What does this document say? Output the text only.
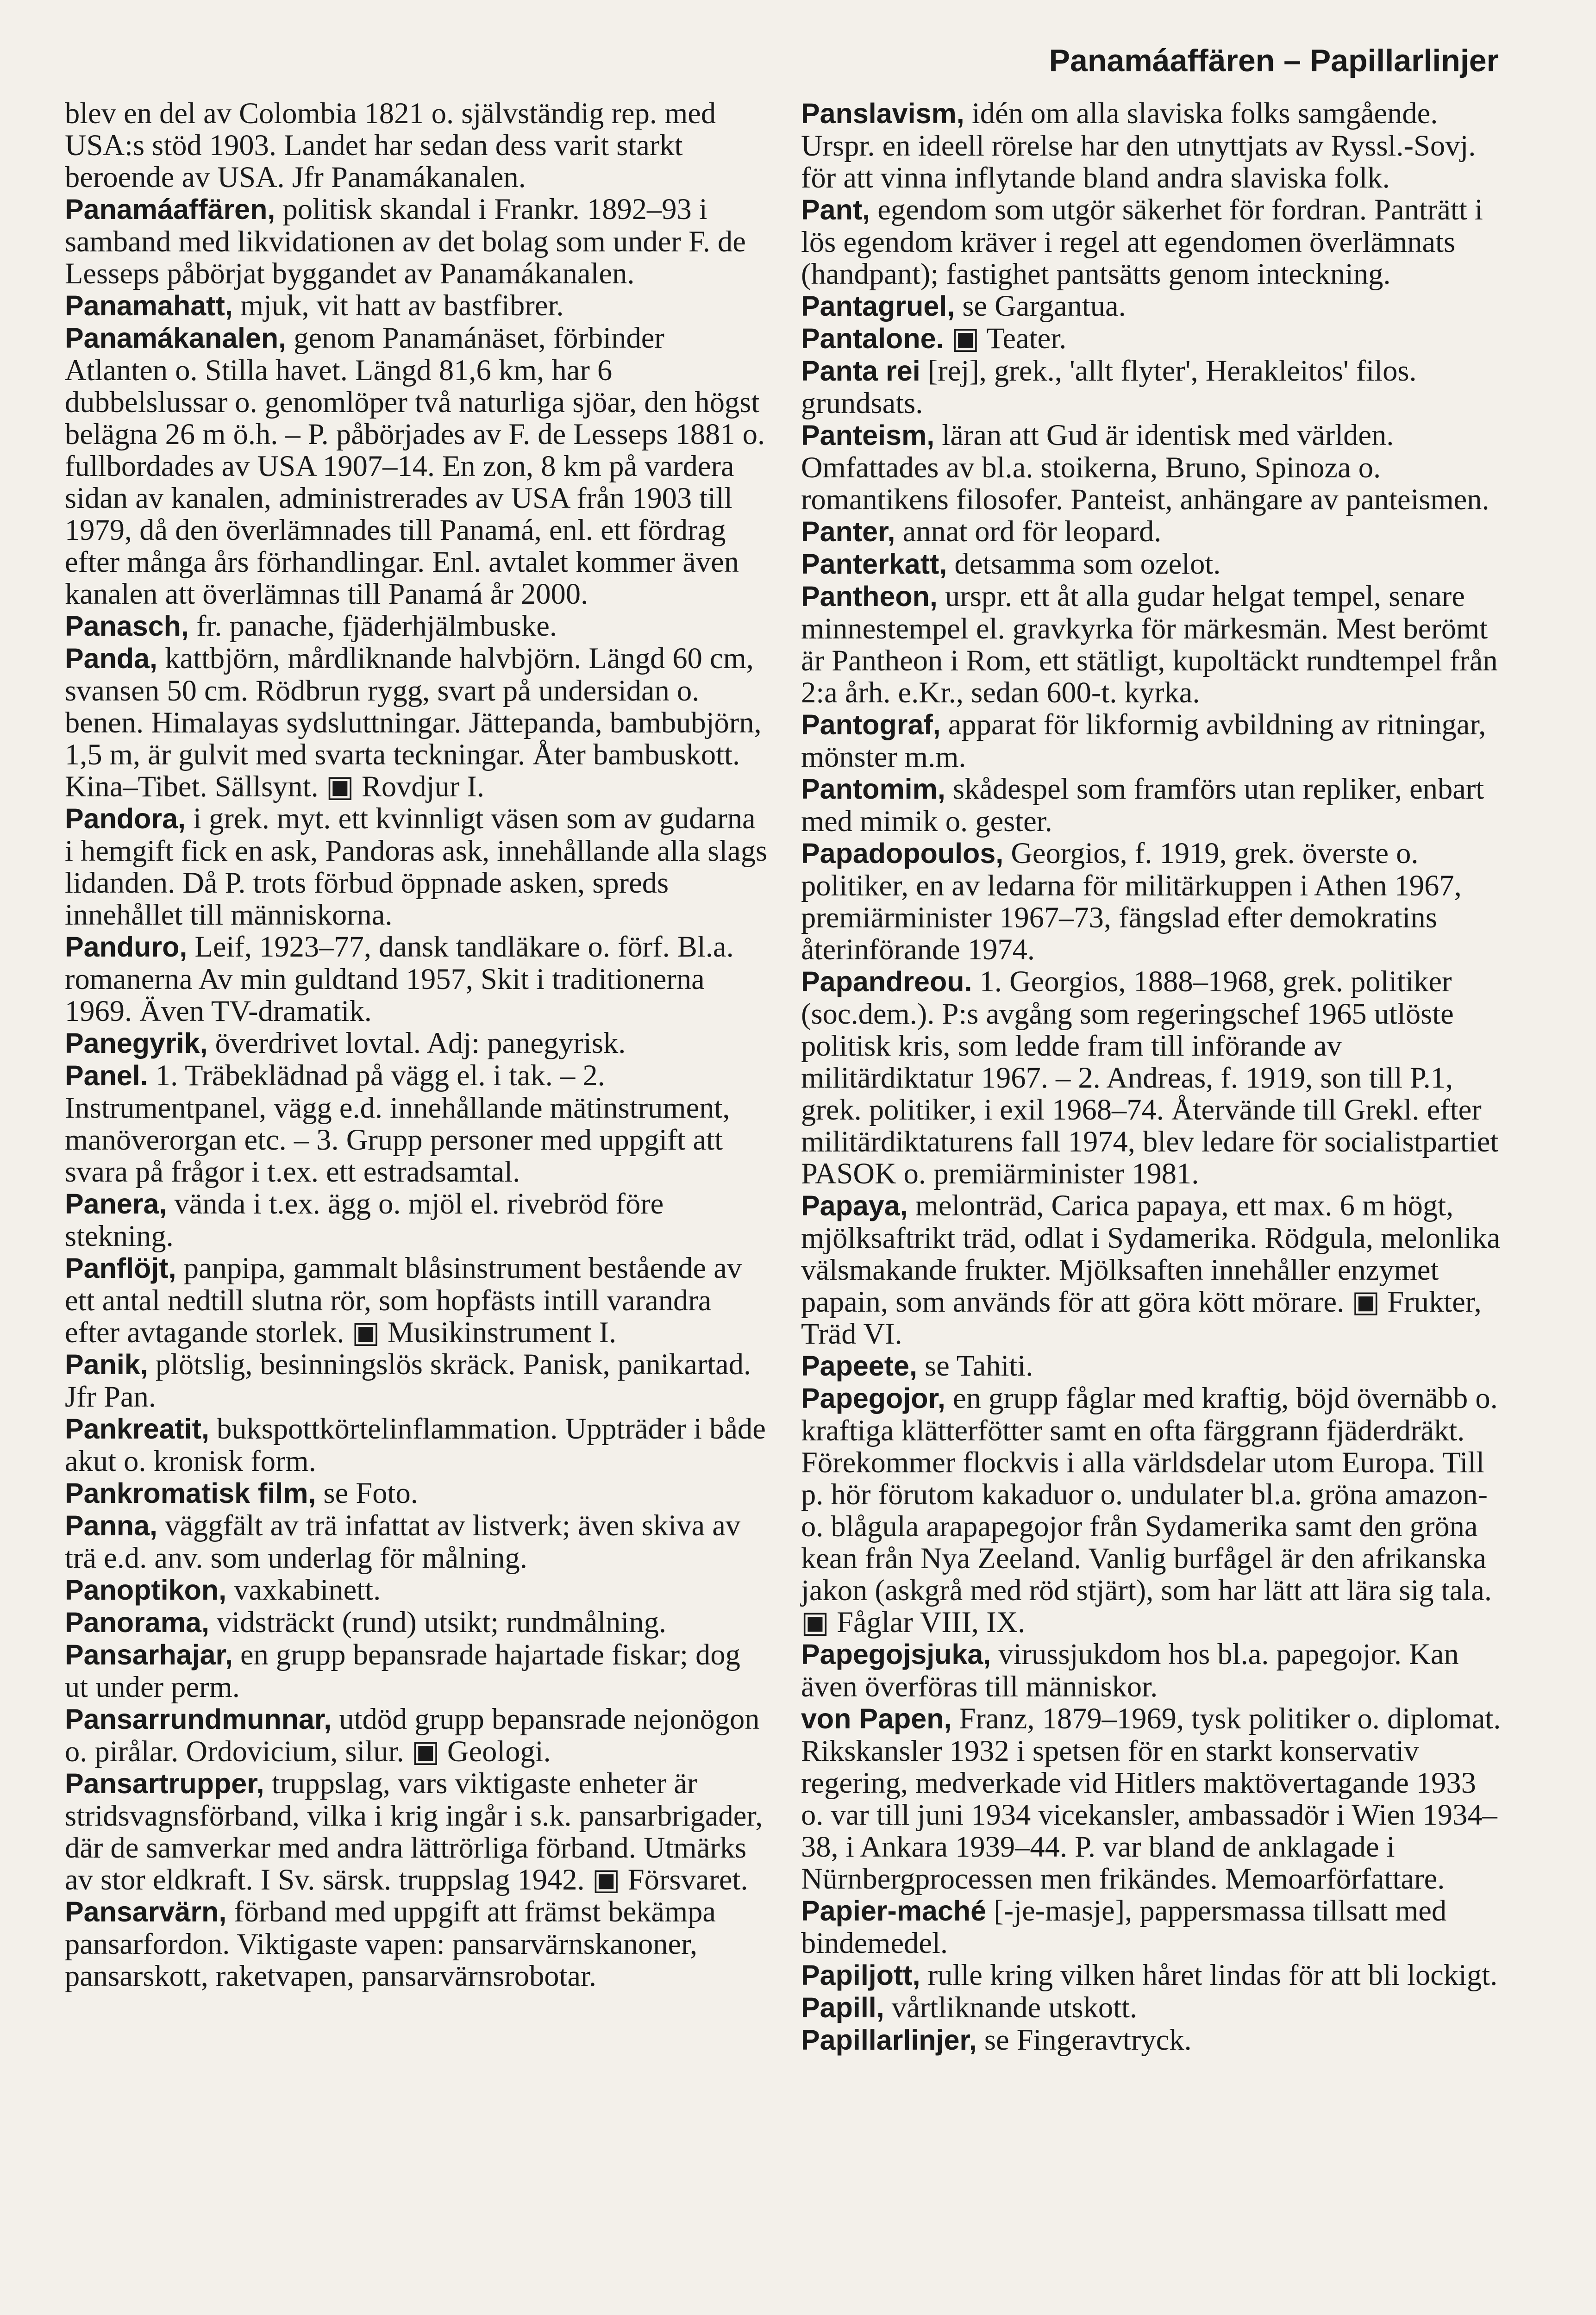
Panamáaffären – Papillarlinjer

blev en del av Colombia 1821 o. självständig rep. med USA:s stöd 1903. Landet har sedan dess varit starkt beroende av USA. Jfr Panamákanalen.

Panamáaffären, politisk skandal i Frankr. 1892–93 i samband med likvidationen av det bolag som under F. de Lesseps påbörjat byggandet av Panamákanalen.

Panamahatt, mjuk, vit hatt av bastfibrer.

Panamákanalen, genom Panamánäset, förbinder Atlanten o. Stilla havet. Längd 81,6 km, har 6 dubbelslussar o. genomlöper två naturliga sjöar, den högst belägna 26 m ö.h. – P. påbörjades av F. de Lesseps 1881 o. fullbordades av USA 1907–14. En zon, 8 km på vardera sidan av kanalen, administrerades av USA från 1903 till 1979, då den överlämnades till Panamá, enl. ett fördrag efter många års förhandlingar. Enl. avtalet kommer även kanalen att överlämnas till Panamá år 2000.

Panasch, fr. panache, fjäderhjälmbuske.

Panda, kattbjörn, mårdliknande halvbjörn. Längd 60 cm, svansen 50 cm. Rödbrun rygg, svart på undersidan o. benen. Himalayas sydsluttningar. Jättepanda, bambubjörn, 1,5 m, är gulvit med svarta teckningar. Åter bambuskott. Kina–Tibet. Sällsynt. ▣ Rovdjur I.

Pandora, i grek. myt. ett kvinnligt väsen som av gudarna i hemgift fick en ask, Pandoras ask, innehållande alla slags lidanden. Då P. trots förbud öppnade asken, spreds innehållet till människorna.

Panduro, Leif, 1923–77, dansk tandläkare o. förf. Bl.a. romanerna Av min guldtand 1957, Skit i traditionerna 1969. Även TV-dramatik.

Panegyrik, överdrivet lovtal. Adj: panegyrisk.

Panel. 1. Träbeklädnad på vägg el. i tak. – 2. Instrumentpanel, vägg e.d. innehållande mätinstrument, manöverorgan etc. – 3. Grupp personer med uppgift att svara på frågor i t.ex. ett estradsamtal.

Panera, vända i t.ex. ägg o. mjöl el. rivebröd före stekning.

Panflöjt, panpipa, gammalt blåsinstrument bestående av ett antal nedtill slutna rör, som hopfästs intill varandra efter avtagande storlek. ▣ Musikinstrument I.

Panik, plötslig, besinningslös skräck. Panisk, panikartad. Jfr Pan.

Pankreatit, bukspottkörtelinflammation. Uppträder i både akut o. kronisk form.

Pankromatisk film, se Foto.

Panna, väggfält av trä infattat av listverk; även skiva av trä e.d. anv. som underlag för målning.

Panoptikon, vaxkabinett.

Panorama, vidsträckt (rund) utsikt; rundmålning.

Pansarhajar, en grupp bepansrade hajartade fiskar; dog ut under perm.

Pansarrundmunnar, utdöd grupp bepansrade nejonögon o. pirålar. Ordovicium, silur. ▣ Geologi.

Pansartrupper, truppslag, vars viktigaste enheter är stridsvagnsförband, vilka i krig ingår i s.k. pansarbrigader, där de samverkar med andra lättrörliga förband. Utmärks av stor eldkraft. I Sv. särsk. truppslag 1942. ▣ Försvaret.

Pansarvärn, förband med uppgift att främst bekämpa pansarfordon. Viktigaste vapen: pansarvärnskanoner, pansarskott, raketvapen, pansarvärnsrobotar.

Panslavism, idén om alla slaviska folks samgående. Urspr. en ideell rörelse har den utnyttjats av Ryssl.-Sovj. för att vinna inflytande bland andra slaviska folk.

Pant, egendom som utgör säkerhet för fordran. Panträtt i lös egendom kräver i regel att egendomen överlämnats (handpant); fastighet pantsätts genom inteckning.

Pantagruel, se Gargantua.

Pantalone. ▣ Teater.

Panta rei [rej], grek., 'allt flyter', Herakleitos' filos. grundsats.

Panteism, läran att Gud är identisk med världen. Omfattades av bl.a. stoikerna, Bruno, Spinoza o. romantikens filosofer. Panteist, anhängare av panteismen.

Panter, annat ord för leopard.

Panterkatt, detsamma som ozelot.

Pantheon, urspr. ett åt alla gudar helgat tempel, senare minnestempel el. gravkyrka för märkesmän. Mest berömt är Pantheon i Rom, ett stätligt, kupoltäckt rundtempel från 2:a årh. e.Kr., sedan 600-t. kyrka.

Pantograf, apparat för likformig avbildning av ritningar, mönster m.m.

Pantomim, skådespel som framförs utan repliker, enbart med mimik o. gester.

Papadopoulos, Georgios, f. 1919, grek. överste o. politiker, en av ledarna för militärkuppen i Athen 1967, premiärminister 1967–73, fängslad efter demokratins återinförande 1974.

Papandreou. 1. Georgios, 1888–1968, grek. politiker (soc.dem.). P:s avgång som regeringschef 1965 utlöste politisk kris, som ledde fram till införande av militärdiktatur 1967. – 2. Andreas, f. 1919, son till P.1, grek. politiker, i exil 1968–74. Återvände till Grekl. efter militärdiktaturens fall 1974, blev ledare för socialistpartiet PASOK o. premiärminister 1981.

Papaya, melonträd, Carica papaya, ett max. 6 m högt, mjölksaftrikt träd, odlat i Sydamerika. Rödgula, melonlika välsmakande frukter. Mjölksaften innehåller enzymet papain, som används för att göra kött mörare. ▣ Frukter, Träd VI.

Papeete, se Tahiti.

Papegojor, en grupp fåglar med kraftig, böjd övernäbb o. kraftiga klätterfötter samt en ofta färggrann fjäderdräkt. Förekommer flockvis i alla världsdelar utom Europa. Till p. hör förutom kakaduor o. undulater bl.a. gröna amazon- o. blågula arapapegojor från Sydamerika samt den gröna kean från Nya Zeeland. Vanlig burfågel är den afrikanska jakon (askgrå med röd stjärt), som har lätt att lära sig tala. ▣ Fåglar VIII, IX.

Papegojsjuka, virussjukdom hos bl.a. papegojor. Kan även överföras till människor.

von Papen, Franz, 1879–1969, tysk politiker o. diplomat. Rikskansler 1932 i spetsen för en starkt konservativ regering, medverkade vid Hitlers maktövertagande 1933 o. var till juni 1934 vicekansler, ambassadör i Wien 1934–38, i Ankara 1939–44. P. var bland de anklagade i Nürnbergprocessen men frikändes. Memoarförfattare.

Papier-maché [-je-masje], pappersmassa tillsatt med bindemedel.

Papiljott, rulle kring vilken håret lindas för att bli lockigt.

Papill, vårtliknande utskott.

Papillarlinjer, se Fingeravtryck.
